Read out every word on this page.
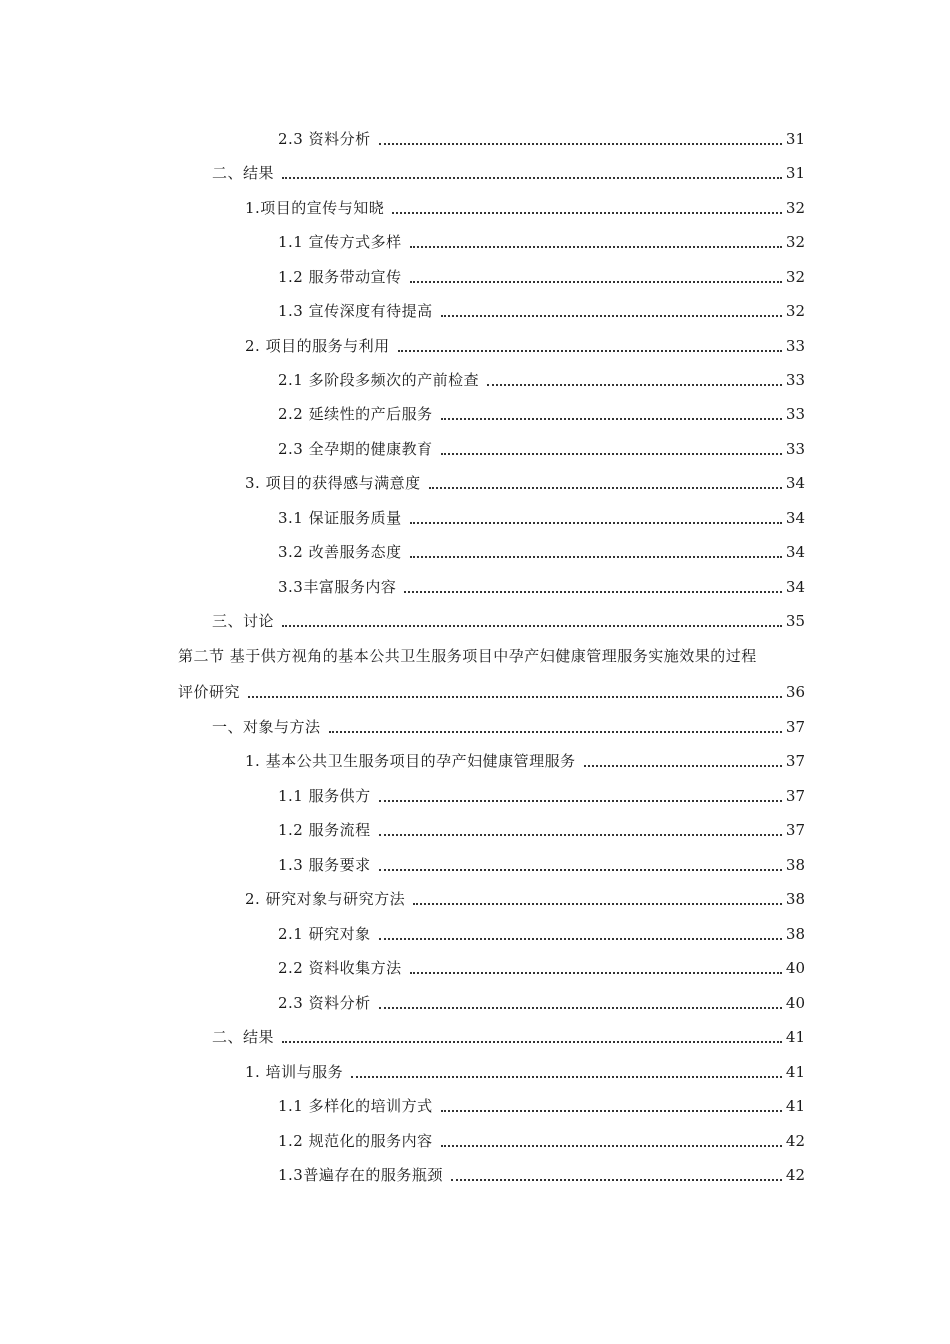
2.3 资料分析	31
二、结果	31
1.项目的宣传与知晓	32
1.1 宣传方式多样	32
1.2 服务带动宣传	32
1.3 宣传深度有待提高	32
2. 项目的服务与利用	33
2.1 多阶段多频次的产前检查	33
2.2 延续性的产后服务	33
2.3 全孕期的健康教育	33
3. 项目的获得感与满意度	34
3.1 保证服务质量	34
3.2 改善服务态度	34
3.3丰富服务内容	34
三、讨论	35
第二节 基于供方视角的基本公共卫生服务项目中孕产妇健康管理服务实施效果的过程
评价研究	36
一、对象与方法	37
1. 基本公共卫生服务项目的孕产妇健康管理服务	37
1.1 服务供方	37
1.2 服务流程	37
1.3 服务要求	38
2. 研究对象与研究方法	38
2.1 研究对象	38
2.2 资料收集方法	40
2.3 资料分析	40
二、结果	41
1. 培训与服务	41
1.1 多样化的培训方式	41
1.2 规范化的服务内容	42
1.3普遍存在的服务瓶颈	42
